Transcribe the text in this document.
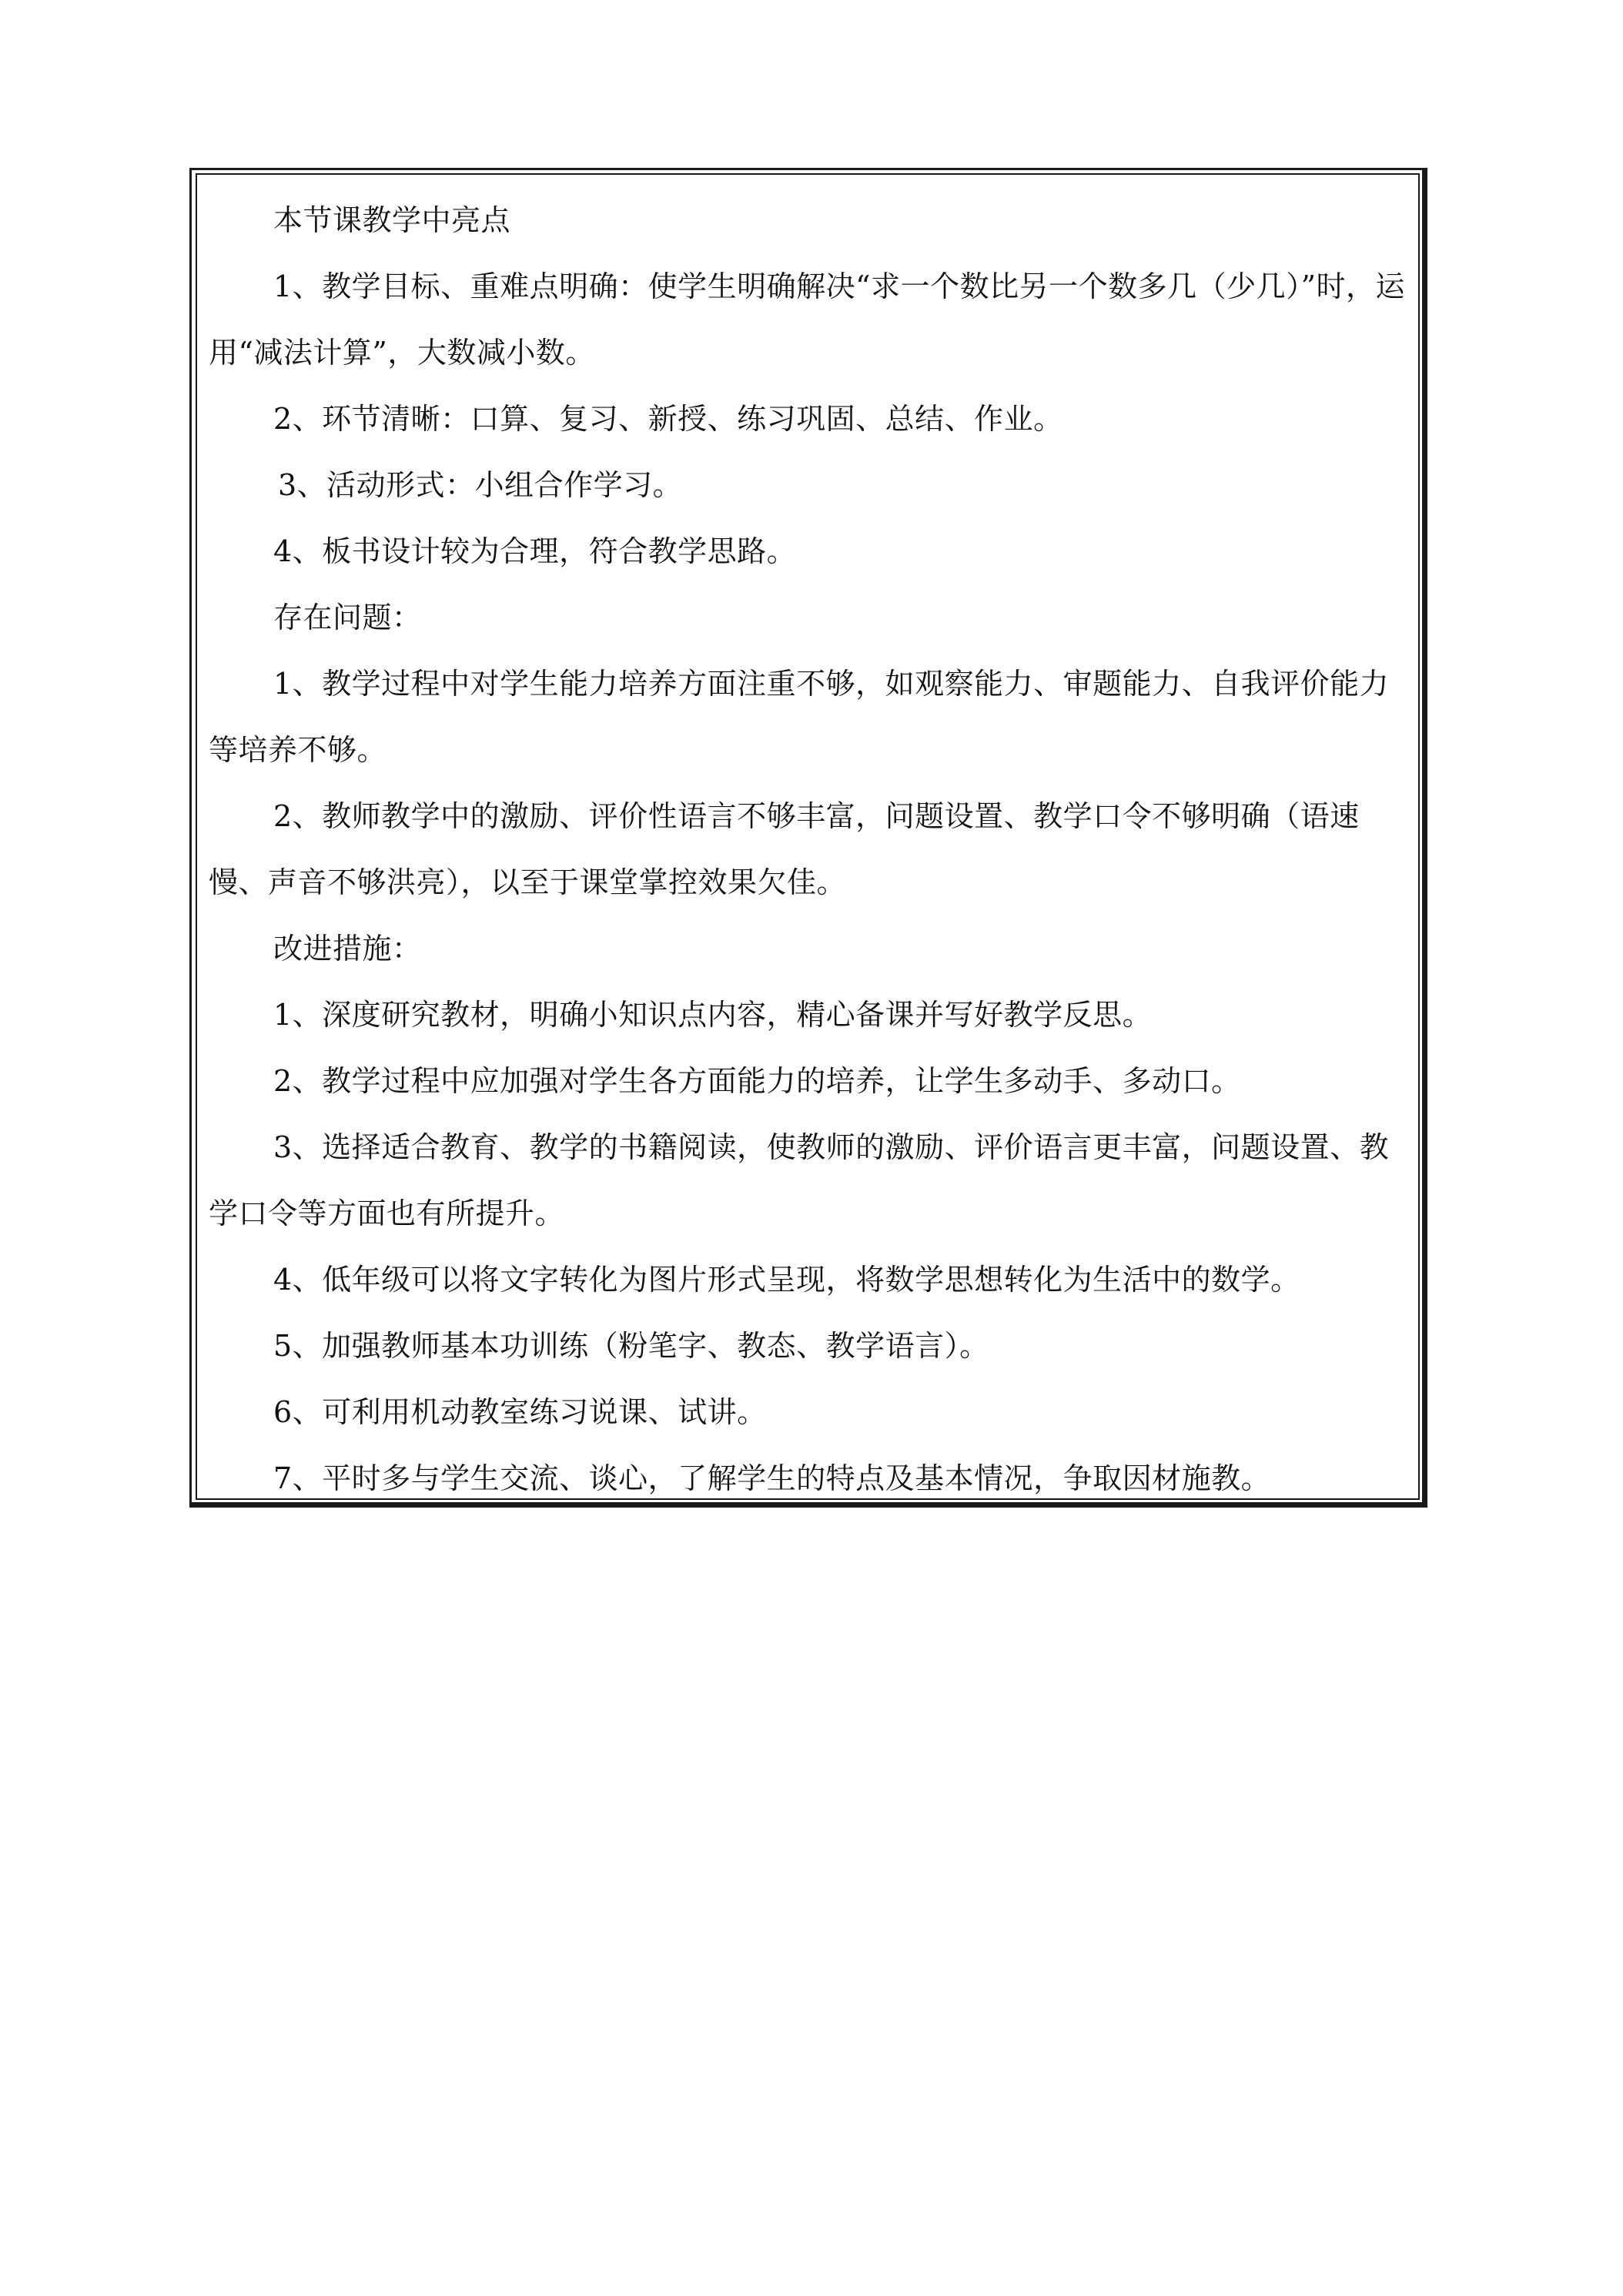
本节课教学中亮点

1、教学目标、重难点明确：使学生明确解决“求一个数比另一个数多几（少几）”时，运用“减法计算”，大数减小数。

2、环节清晰：口算、复习、新授、练习巩固、总结、作业。

3、活动形式：小组合作学习。

4、板书设计较为合理，符合教学思路。

存在问题：

1、教学过程中对学生能力培养方面注重不够，如观察能力、审题能力、自我评价能力等培养不够。

2、教师教学中的激励、评价性语言不够丰富，问题设置、教学口令不够明确（语速慢、声音不够洪亮），以至于课堂掌控效果欠佳。

改进措施：

1、深度研究教材，明确小知识点内容，精心备课并写好教学反思。

2、教学过程中应加强对学生各方面能力的培养，让学生多动手、多动口。

3、选择适合教育、教学的书籍阅读，使教师的激励、评价语言更丰富，问题设置、教学口令等方面也有所提升。

4、低年级可以将文字转化为图片形式呈现，将数学思想转化为生活中的数学。

5、加强教师基本功训练（粉笔字、教态、教学语言）。

6、可利用机动教室练习说课、试讲。

7、平时多与学生交流、谈心，了解学生的特点及基本情况，争取因材施教。
